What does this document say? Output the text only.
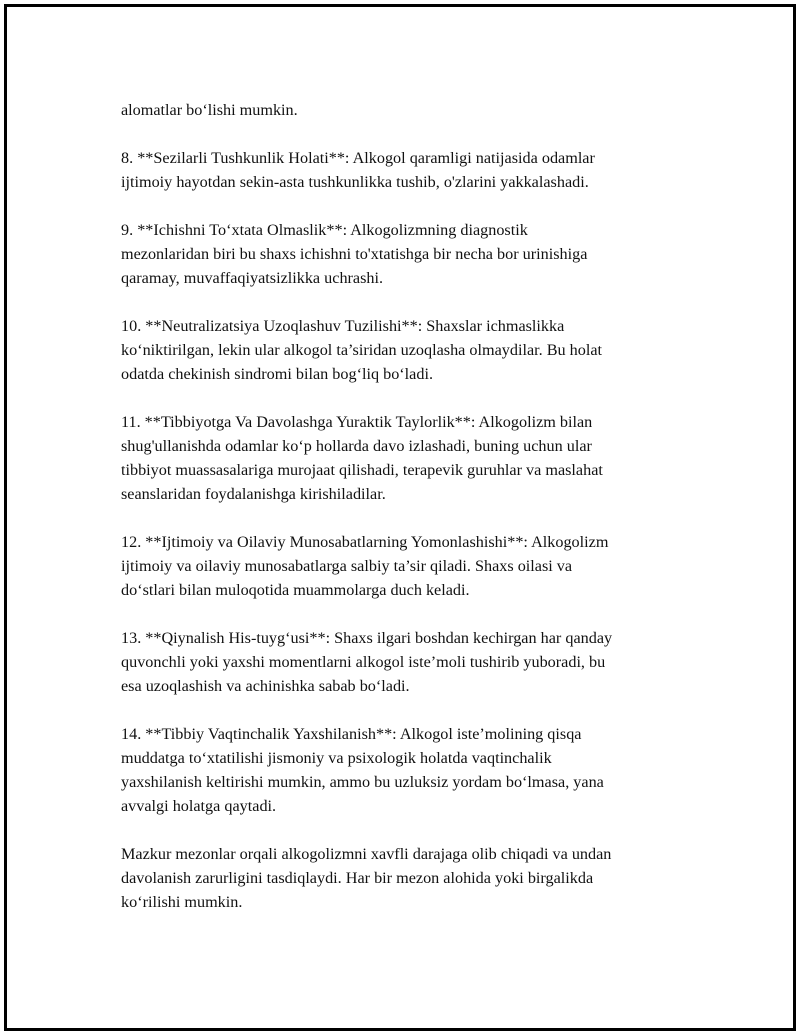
alomatlar boʻlishi mumkin.

8. **Sezilarli Tushkunlik Holati**: Alkogol qaramligi natijasida odamlar
ijtimoiy hayotdan sekin-asta tushkunlikka tushib, o'zlarini yakkalashadi.

9. **Ichishni Toʻxtata Olmaslik**: Alkogolizmning diagnostik
mezonlaridan biri bu shaxs ichishni to'xtatishga bir necha bor urinishiga
qaramay, muvaffaqiyatsizlikka uchrashi.

10. **Neutralizatsiya Uzoqlashuv Tuzilishi**: Shaxslar ichmaslikka
koʻniktirilgan, lekin ular alkogol ta’siridan uzoqlasha olmaydilar. Bu holat
odatda chekinish sindromi bilan bogʻliq boʻladi.

11. **Tibbiyotga Va Davolashga Yuraktik Taylorlik**: Alkogolizm bilan
shug'ullanishda odamlar koʻp hollarda davo izlashadi, buning uchun ular
tibbiyot muassasalariga murojaat qilishadi, terapevik guruhlar va maslahat
seanslaridan foydalanishga kirishiladilar.

12. **Ijtimoiy va Oilaviy Munosabatlarning Yomonlashishi**: Alkogolizm
ijtimoiy va oilaviy munosabatlarga salbiy ta’sir qiladi. Shaxs oilasi va
doʻstlari bilan muloqotida muammolarga duch keladi.

13. **Qiynalish His-tuygʻusi**: Shaxs ilgari boshdan kechirgan har qanday
quvonchli yoki yaxshi momentlarni alkogol iste’moli tushirib yuboradi, bu
esa uzoqlashish va achinishka sabab boʻladi.

14. **Tibbiy Vaqtinchalik Yaxshilanish**: Alkogol iste’molining qisqa
muddatga toʻxtatilishi jismoniy va psixologik holatda vaqtinchalik
yaxshilanish keltirishi mumkin, ammo bu uzluksiz yordam boʻlmasa, yana
avvalgi holatga qaytadi.

Mazkur mezonlar orqali alkogolizmni xavfli darajaga olib chiqadi va undan
davolanish zarurligini tasdiqlaydi. Har bir mezon alohida yoki birgalikda
koʻrilishi mumkin.
